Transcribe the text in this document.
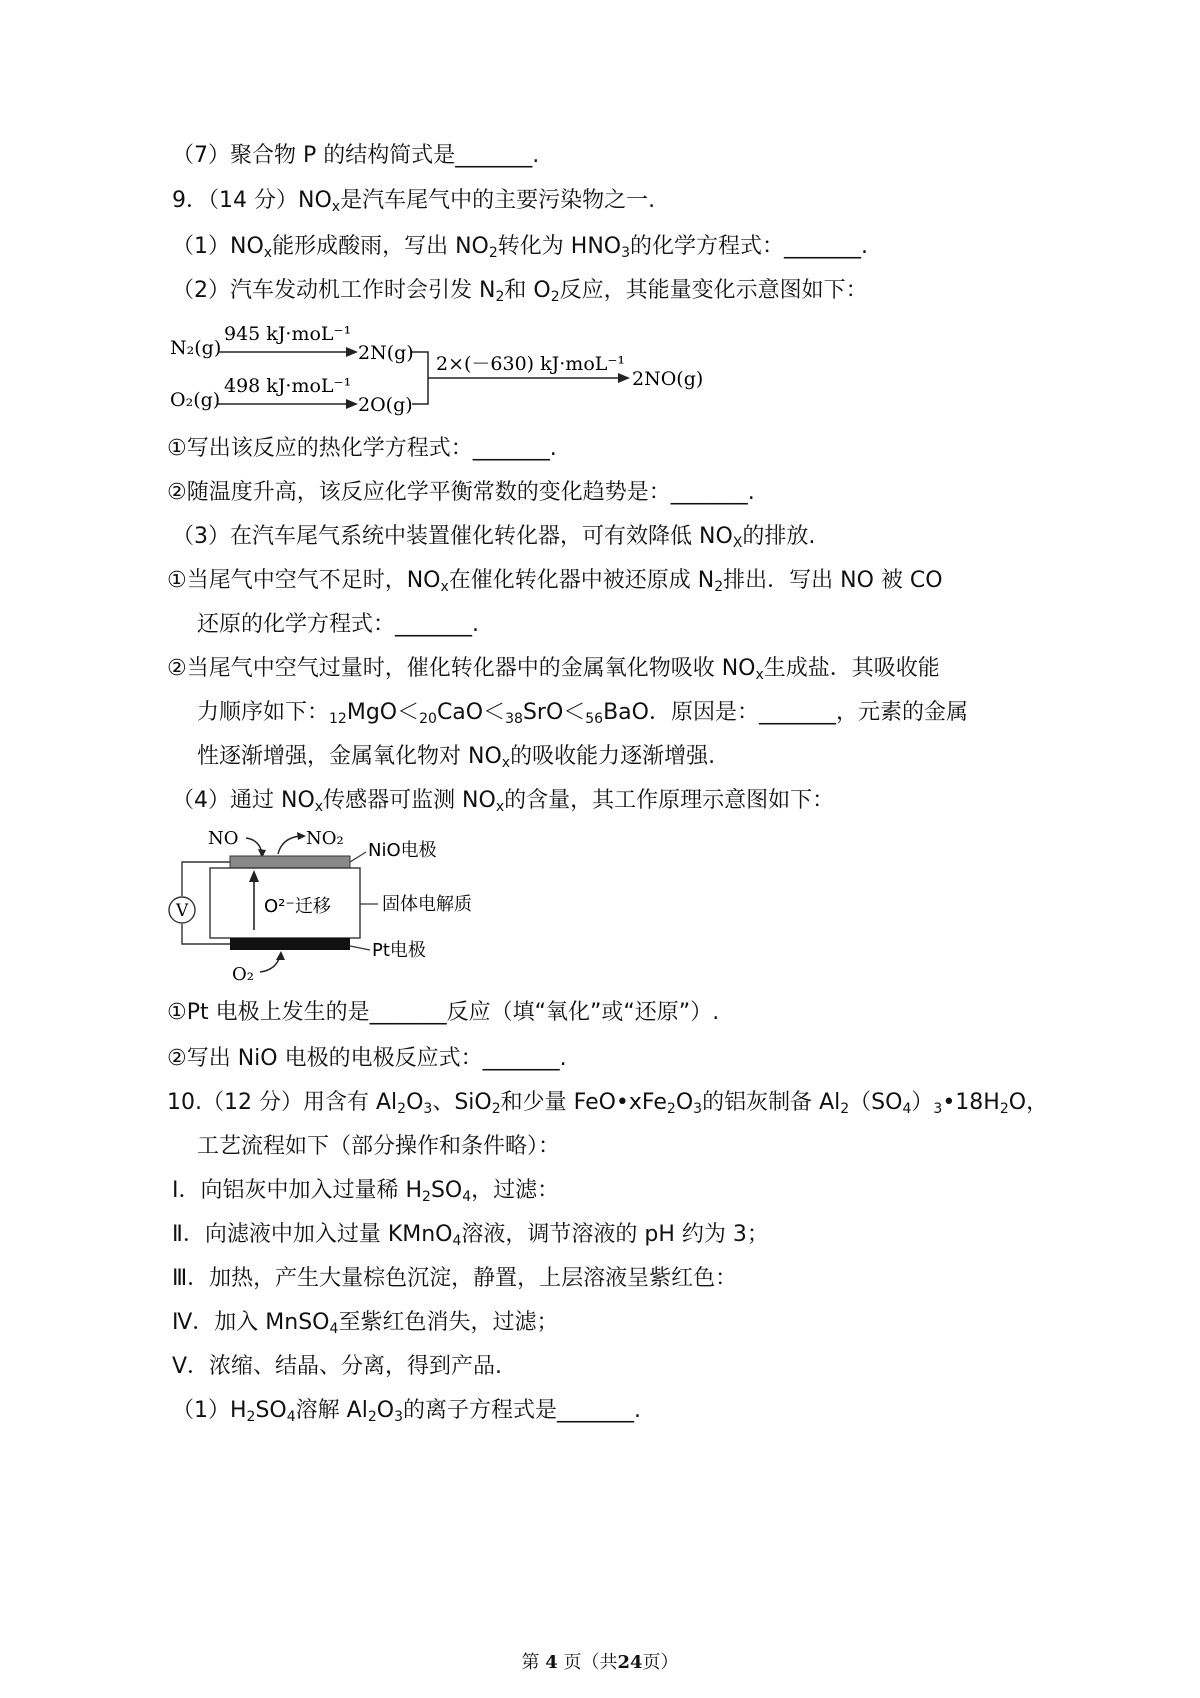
（7）聚合物 P 的结构简式是_______.
9．（14 分）$NO_x$是汽车尾气中的主要污染物之一.
$(1)NO_x$能形成酸雨，写出 $NO_2$转化为 $HNO_3$的化学方程式：_______.
（2）汽车发动机工作时会引发 $N_2$和 $O_2$反应，其能量变化示意图如下：
N₂(g)
945 kJ·moL⁻¹
2N(g)
O₂(g)
498 kJ·moL⁻¹
2O(g)
2×(－630) kJ·moL⁻¹
2NO(g)
①写出该反应的热化学方程式：_______.
②随温度升高，该反应化学平衡常数的变化趋势是：_______.
（3）在汽车尾气系统中装置催化转化器，可有效降低 $NO_X$的排放.
①当尾气中空气不足时，$NO_x$在催化转化器中被还原成 $N_2$排出．写出 NO 被 CO
还原的化学方程式：_______.
②当尾气中空气过量时，催化转化器中的金属氧化物吸收 $NO_x$生成盐．其吸收能
力顺序如下：$_{12}MgO<_{20}CaO<_{38}SrO<_{56}BaO$．原因是：_______，元素的金属
性逐渐增强，金属氧化物对 $NO_x$的吸收能力逐渐增强.
（4）通过 $NO_x$传感器可监测 $NO_x$的含量，其工作原理示意图如下：
NO	NO₂
NiO电极
O²⁻迁移	固体电解质
Pt电极
V
O₂
①Pt 电极上发生的是_______反应（填“氧化”或“还原”）.
②写出 NiO 电极的电极反应式：_______.
10.（12 分）用含有 $Al_2O_3$、SiO$_2$和少量 $FeO•xFe_2O_3$的铝灰制备 $Al_2(SO_4)_3•18H_2O$，
工艺流程如下（部分操作和条件略）：
Ⅰ．向铝灰中加入过量稀 $H_2SO_4$，过滤：
Ⅱ．向滤液中加入过量 KMnO$_4$溶液，调节溶液的 pH 约为 3；
Ⅲ．加热，产生大量棕色沉淀，静置，上层溶液呈紫红色：
Ⅳ．加入 MnSO$_4$至紫红色消失，过滤；
Ⅴ．浓缩、结晶、分离，得到产品.
$(1)H_2SO_4$溶解 $Al_2O_3$的离子方程式是_______.
第 4 页（共24页）
